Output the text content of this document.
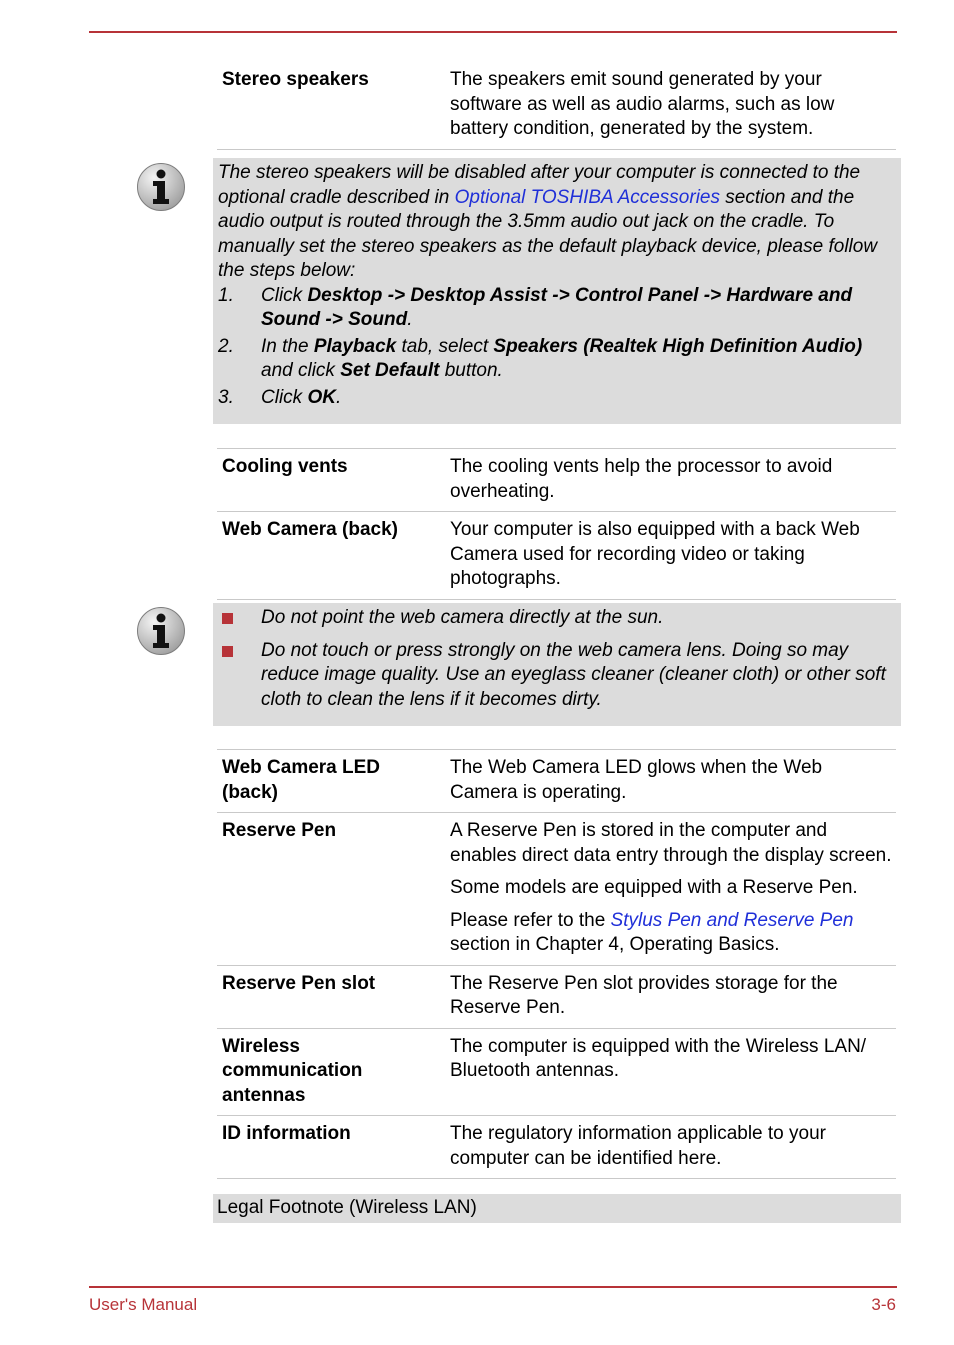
Stereo speakers	The speakers emit sound generated by your software as well as audio alarms, such as low battery condition, generated by the system.

The stereo speakers will be disabled after your computer is connected to the optional cradle described in Optional TOSHIBA Accessories section and the audio output is routed through the 3.5mm audio out jack on the cradle. To manually set the stereo speakers as the default playback device, please follow the steps below:

1. Click Desktop -> Desktop Assist -> Control Panel -> Hardware and Sound -> Sound.
2. In the Playback tab, select Speakers (Realtek High Definition Audio) and click Set Default button.
3. Click OK.
Cooling vents	The cooling vents help the processor to avoid overheating.
Web Camera (back)	Your computer is also equipped with a back Web Camera used for recording video or taking photographs.
Do not point the web camera directly at the sun.
Do not touch or press strongly on the web camera lens. Doing so may reduce image quality. Use an eyeglass cleaner (cleaner cloth) or other soft cloth to clean the lens if it becomes dirty.
Web Camera LED (back)	The Web Camera LED glows when the Web Camera is operating.
Reserve Pen	A Reserve Pen is stored in the computer and enables direct data entry through the display screen.

Some models are equipped with a Reserve Pen.

Please refer to the Stylus Pen and Reserve Pen section in Chapter 4, Operating Basics.

Reserve Pen slot	The Reserve Pen slot provides storage for the Reserve Pen.
Wireless communication antennas	The computer is equipped with the Wireless LAN/ Bluetooth antennas.
ID information	The regulatory information applicable to your computer can be identified here.
Legal Footnote (Wireless LAN)
User's Manual	3-6
